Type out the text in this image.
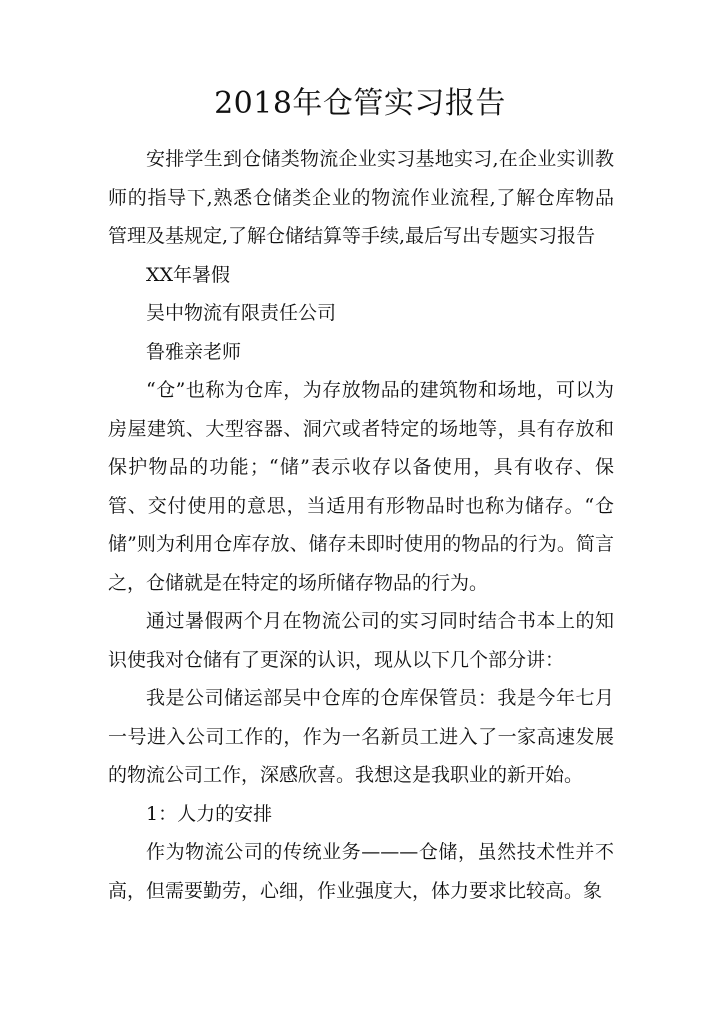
2018年仓管实习报告

安排学生到仓储类物流企业实习基地实习,在企业实训教师的指导下,熟悉仓储类企业的物流作业流程,了解仓库物品管理及基规定,了解仓储结算等手续,最后写出专题实习报告

XX年暑假

吴中物流有限责任公司

鲁雅亲老师

“仓”也称为仓库，为存放物品的建筑物和场地，可以为房屋建筑、大型容器、洞穴或者特定的场地等，具有存放和保护物品的功能；“储”表示收存以备使用，具有收存、保管、交付使用的意思，当适用有形物品时也称为储存。“仓储”则为利用仓库存放、储存未即时使用的物品的行为。简言之，仓储就是在特定的场所储存物品的行为。

通过暑假两个月在物流公司的实习同时结合书本上的知识使我对仓储有了更深的认识，现从以下几个部分讲：

我是公司储运部吴中仓库的仓库保管员：我是今年七月一号进入公司工作的，作为一名新员工进入了一家高速发展的物流公司工作，深感欣喜。我想这是我职业的新开始。

1：人力的安排

作为物流公司的传统业务———仓储，虽然技术性并不高，但需要勤劳，心细，作业强度大，体力要求比较高。象
